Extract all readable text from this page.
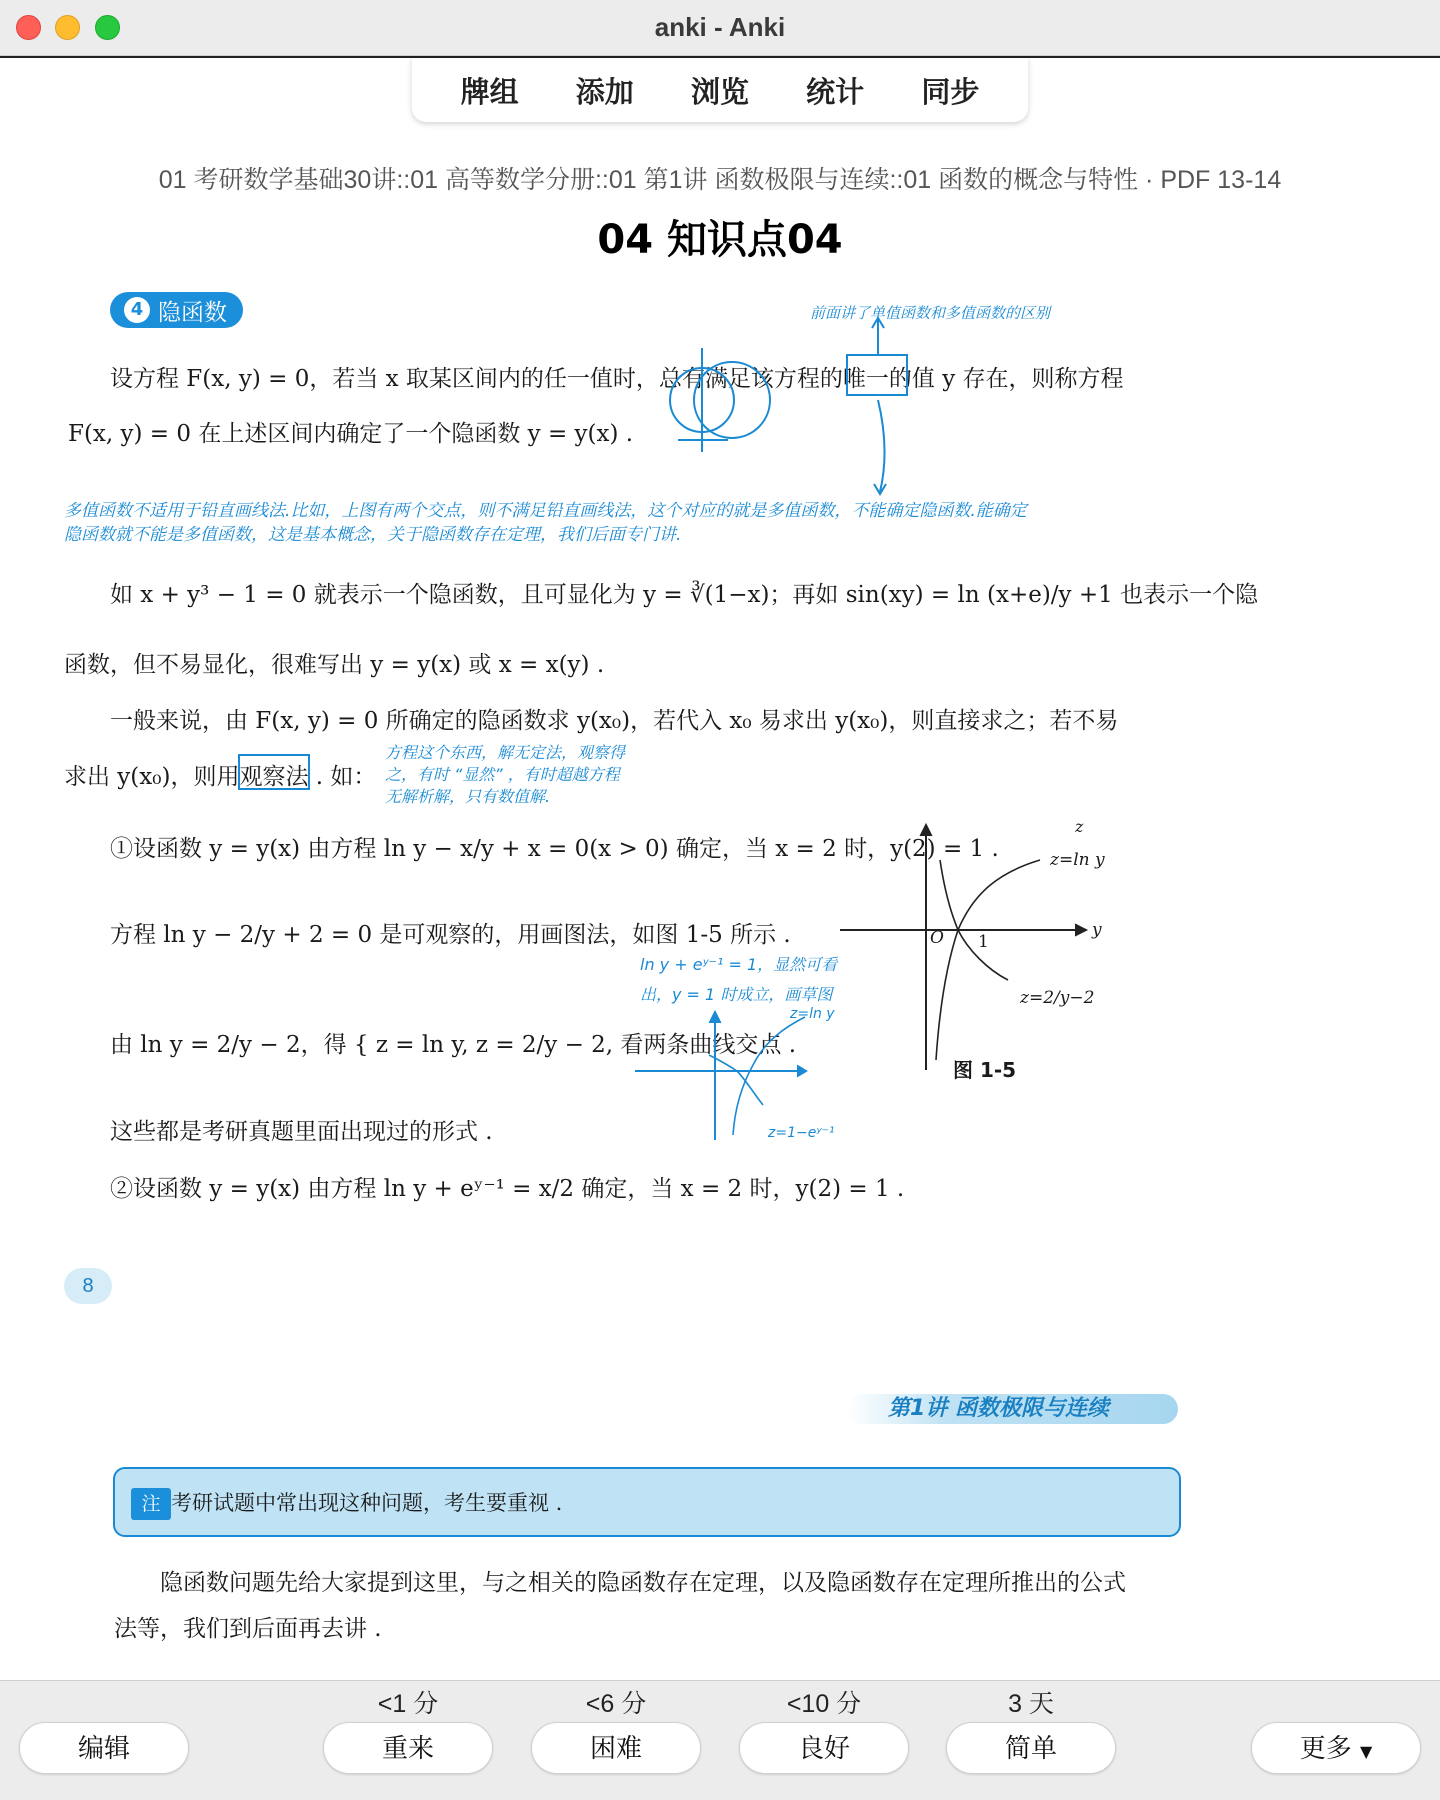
anki - Anki
牌组	添加	浏览	统计	同步
01 考研数学基础30讲::01 高等数学分册::01 第1讲 函数极限与连续::01 函数的概念与特性 · PDF 13-14
04 知识点04
4 隐函数	前面讲了单值函数和多值函数的区别
设方程 F(x, y) = 0，若当 x 取某区间内的任一值时，总有满足该方程的唯一的值 y 存在，则称方程
F(x, y) = 0 在上述区间内确定了一个隐函数 y = y(x) .
多值函数不适用于铅直画线法.比如，上图有两个交点，则不满足铅直画线法，这个对应的就是多值函数，不能确定隐函数.能确定
隐函数就不能是多值函数，这是基本概念，关于隐函数存在定理，我们后面专门讲.
如 x + y³ − 1 = 0 就表示一个隐函数，且可显化为 y = ∛(1−x)；再如 sin(xy) = ln (x+e)/y +1 也表示一个隐
函数，但不易显化，很难写出 y = y(x) 或 x = x(y) .
一般来说，由 F(x, y) = 0 所确定的隐函数求 y(x₀)，若代入 x₀ 易求出 y(x₀)，则直接求之；若不易
求出 y(x₀)，则用观察法 . 如：
方程这个东西，解无定法，观察得
之，有时 “显然” ，有时超越方程
无解析解，只有数值解.
①设函数 y = y(x) 由方程 ln y − x/y + x = 0(x > 0) 确定，当 x = 2 时，y(2) = 1 .
方程 ln y − 2/y + 2 = 0 是可观察的，用画图法，如图 1-5 所示 .
由 ln y = 2/y − 2，得 { z = ln y, z = 2/y − 2, 看两条曲线交点 .
z
y
z=ln y
z=2/y−2
O 1
图 1-5
ln y + eʸ⁻¹ = 1，显然可看
出，y = 1 时成立，画草图
z=ln y
z=1−eʸ⁻¹
这些都是考研真题里面出现过的形式 .
②设函数 y = y(x) 由方程 ln y + eʸ⁻¹ = x/2 确定，当 x = 2 时，y(2) = 1 .
8
第1讲 函数极限与连续
注 考研试题中常出现这种问题，考生要重视 .
隐函数问题先给大家提到这里，与之相关的隐函数存在定理，以及隐函数存在定理所推出的公式
法等，我们到后面再去讲 .
<1 分	<6 分	<10 分	3 天
编辑	重来	困难	良好	简单	更多 ▼
